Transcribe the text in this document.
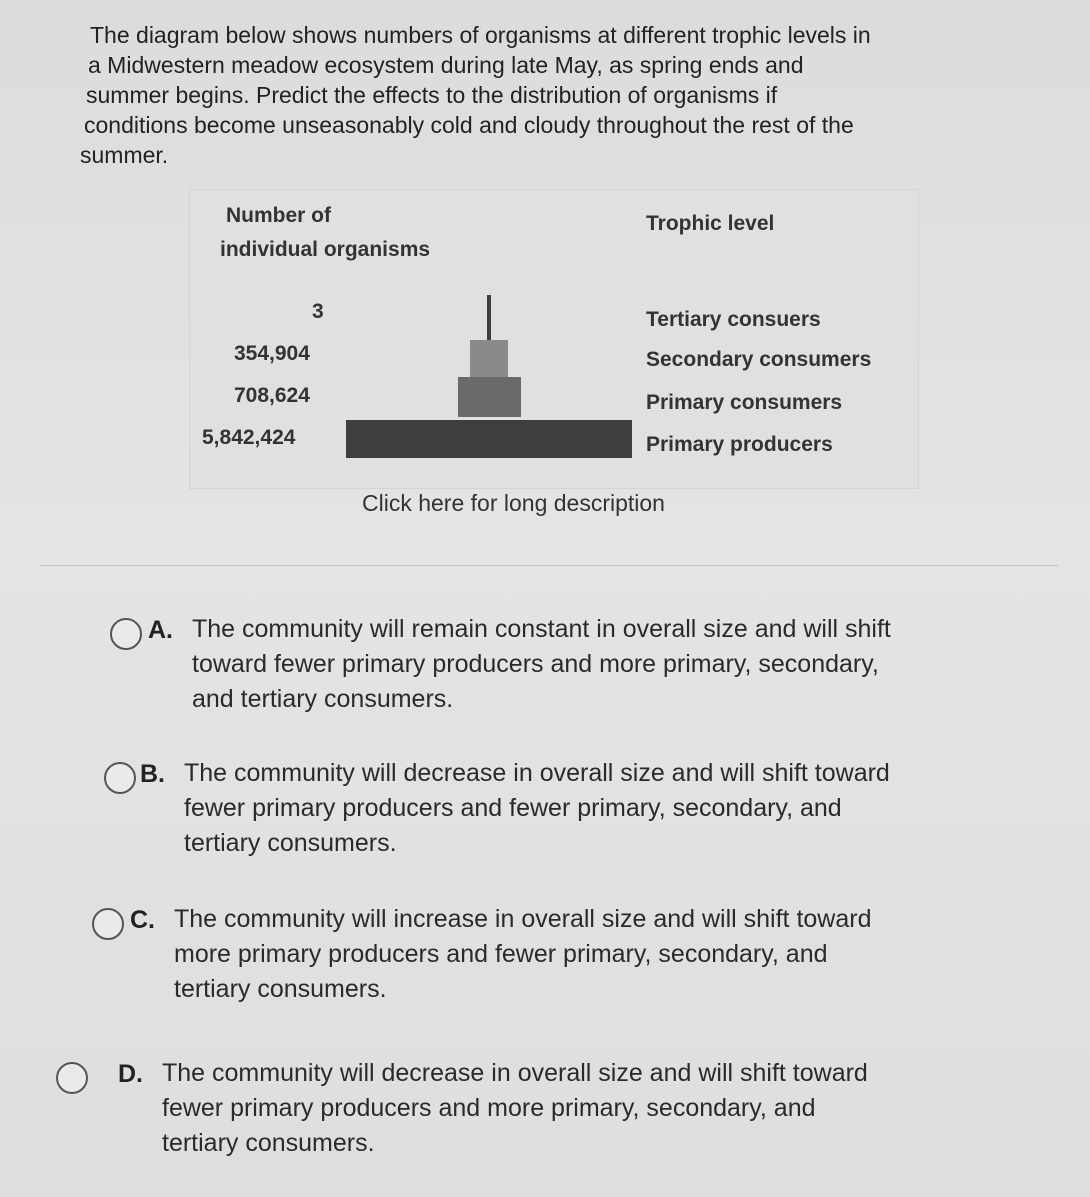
The diagram below shows numbers of organisms at different trophic levels in
a Midwestern meadow ecosystem during late May, as spring ends and
summer begins. Predict the effects to the distribution of organisms if
conditions become unseasonably cold and cloudy throughout the rest of the
summer.
Number of
individual organisms
Trophic level
3
354,904
708,624
5,842,424
Tertiary consuers
Secondary consumers
Primary consumers
Primary producers
Click here for long description
A. The community will remain constant in overall size and will shift
toward fewer primary producers and more primary, secondary,
and tertiary consumers.
B. The community will decrease in overall size and will shift toward
fewer primary producers and fewer primary, secondary, and
tertiary consumers.
C. The community will increase in overall size and will shift toward
more primary producers and fewer primary, secondary, and
tertiary consumers.
D. The community will decrease in overall size and will shift toward
fewer primary producers and more primary, secondary, and
tertiary consumers.
